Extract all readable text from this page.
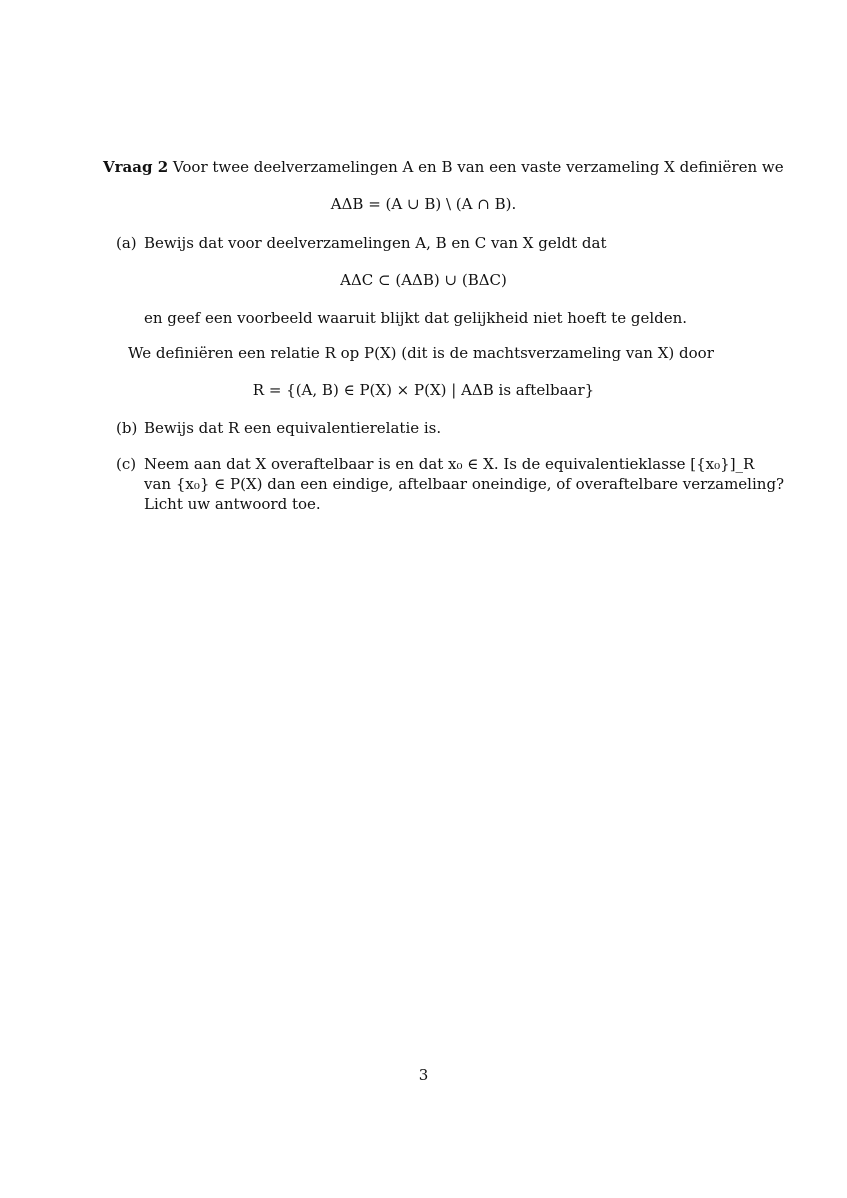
Vraag 2 Voor twee deelverzamelingen A en B van een vaste verzameling X definiëren we
AΔB = (A ∪ B) \ (A ∩ B).
(a) Bewijs dat voor deelverzamelingen A, B en C van X geldt dat
AΔC ⊂ (AΔB) ∪ (BΔC)
en geef een voorbeeld waaruit blijkt dat gelijkheid niet hoeft te gelden.
We definiëren een relatie R op P(X) (dit is de machtsverzameling van X) door
R = {(A, B) ∈ P(X) × P(X) | AΔB is aftelbaar}
(b) Bewijs dat R een equivalentierelatie is.
(c) Neem aan dat X overaftelbaar is en dat x₀ ∈ X. Is de equivalentieklasse [{x₀}]_R
van {x₀} ∈ P(X) dan een eindige, aftelbaar oneindige, of overaftelbare verzameling?
Licht uw antwoord toe.
3
